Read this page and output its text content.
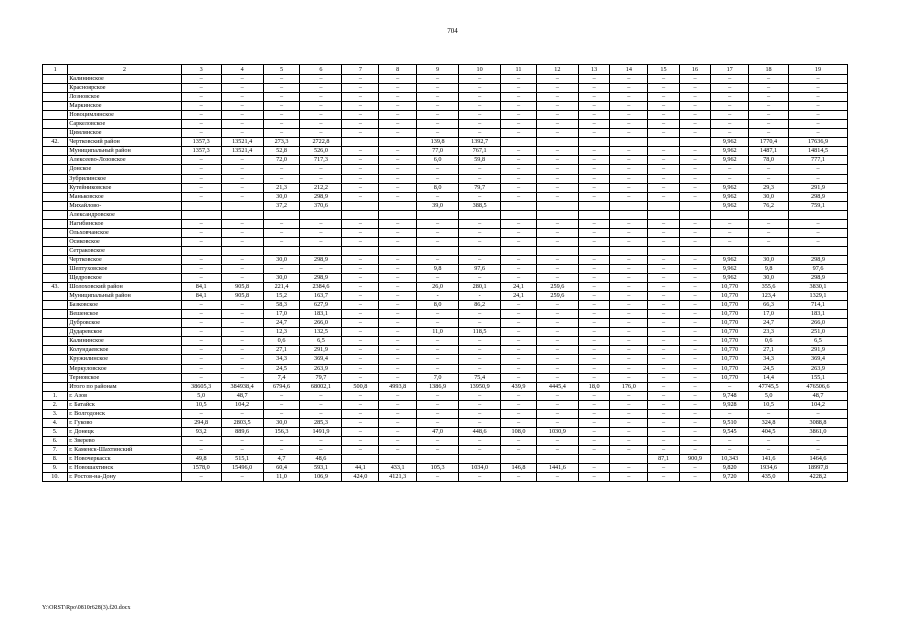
704
1	2	3	4	5	6	7	8	9	10	11	12	13	14	15	16	17	18	19
	Калининское	–	–	–	–	–	–	–	–	–	–	–	–	–	–	–	–	–
	Красноярское	–	–	–	–	–	–	–	–	–	–	–	–	–	–	–	–	–
	Лозновское	–	–	–	–	–	–	–	–	–	–	–	–	–	–	–	–	–
	Маркинское	–	–	–	–	–	–	–	–	–	–	–	–	–	–	–	–	–
	Новоцимлянское	–	–	–	–	–	–	–	–	–	–	–	–	–	–	–	–	–
	Саркеловское	–	–	–	–	–	–	–	–	–	–	–	–	–	–	–	–	–
	Цимлянское	–	–	–	–	–	–	–	–	–	–	–	–	–	–	–	–	–
42.	Чертковский район	1357,3	13521,4	273,3	2722,8			139,8	1392,7							9,962	1770,4	17636,9
	Муниципальный район	1357,3	13521,4	52,8	526,0	–	–	77,0	767,1	–	–	–	–	–	–	9,962	1487,1	14814,5
	Алексеево-Лозовское	–	–	72,0	717,3	–	–	6,0	59,8	–	–	–	–	–	–	9,962	78,0	777,1
	Донское	–	–	–	–	–	–	–	–	–	–	–	–	–	–	–	–	–
	Зубрилинское	–	–	–	–	–	–	–	–	–	–	–	–	–	–	–	–	–
	Кутейниковское	–	–	21,3	212,2	–	–	8,0	79,7	–	–	–	–	–	–	9,962	29,3	291,9
	Маньковское	–	–	30,0	298,9	–	–	–	–	–	–	–	–	–	–	9,962	30,0	298,9
	Михайлово-			37,2	370,6			39,0	388,5							9,962	76,2	759,1
	Александровское																	
	Нагибинское	–	–	–	–	–	–	–	–	–	–	–	–	–	–	–	–	–
	Ольховчанское	–	–	–	–	–	–	–	–	–	–	–	–	–	–	–	–	–
	Осиковское	–	–	–	–	–	–	–	–	–	–	–	–	–	–	–	–	–
	Сетраковское																	
	Чертковское	–	–	30,0	298,9	–	–	–	–	–	–	–	–	–	–	9,962	30,0	298,9
	Шептуховское	–	–	–	–	–	–	9,8	97,6	–	–	–	–	–	–	9,962	9,8	97,6
	Щедровское	–	–	30,0	298,9	–	–	–	–	–	–	–	–	–	–	9,962	30,0	298,9
43.	Шолоховский район	84,1	905,8	221,4	2384,6	–	–	26,0	280,1	24,1	259,6	–	–	–	–	10,770	355,6	3830,1
	Муниципальный район	84,1	905,8	15,2	163,7	–	–	-	-	24,1	259,6	–	–	–	–	10,770	123,4	1329,1
	Базковское	–	–	58,3	627,9	–	–	8,0	86,2	–	–	–	–	–	–	10,770	66,3	714,1
	Вешенское	–	–	17,0	183,1	–	–	–	–	–	–	–	–	–	–	10,770	17,0	183,1
	Дубровское	–	–	24,7	266,0	–	–	–	–	–	–	–	–	–	–	10,770	24,7	266,0
	Дударевское	–	–	12,3	132,5	–	–	11,0	118,5	–	–	–	–	–	–	10,770	23,3	251,0
	Калининское	–	–	0,6	6,5	–	–	–	–	–	–	–	–	–	–	10,770	0,6	6,5
	Колундаевское	–	–	27,1	291,9	–	–	–	–	–	–	–	–	–	–	10,770	27,1	291,9
	Кружилинское	–	–	34,3	369,4	–	–	–	–	–	–	–	–	–	–	10,770	34,3	369,4
	Меркуловское	–	–	24,5	263,9	–	–	–	–	–	–	–	–	–	–	10,770	24,5	263,9
	Терновское	–	–	7,4	79,7	–	–	7,0	75,4	–	–	–	–	–	–	10,770	14,4	155,1
	Итого по районам	38605,3	384938,4	6794,6	68002,1	500,8	4993,8	1386,9	13950,9	439,9	4445,4	18,0	176,0	–	–	–	47745,5	476506,6
1.	г. Азов	5,0	48,7	–	–	–	–	–	–	–	–	–	–	–	–	9,748	5,0	48,7
2.	г. Батайск	10,5	104,2	–	–	–	–	–	–	–	–	–	–	–	–	9,928	10,5	104,2
3.	г. Волгодонск	–	–	–	–	–	–	–	–	–	–	–	–	–	–	–	–	–
4.	г. Гуково	294,8	2803,5	30,0	285,3	–	–	–	–	–	–	–	–	–	–	9,510	324,8	3088,8
5.	г. Донецк	93,2	889,6	156,3	1491,9	–	–	47,0	448,6	108,0	1030,9	–	–	–	–	9,545	404,5	3861,0
6.	г. Зверево	–	–	–	–	–	–	–	–	–	–	–	–	–	–	–	–	–
7.	г. Каменск-Шахтинский	–	–	–	–	–	–	–	–	–	–	–	–	–	–	–	–	–
8.	г. Новочеркасск	49,8	515,1	4,7	48,6									87,1	900,9	10,343	141,6	1464,6
9.	г. Новошахтинск	1578,0	15496,0	60,4	593,1	44,1	433,1	105,3	1034,0	146,8	1441,6	–	–	–	–	9,820	1934,6	18997,8
10.	г. Ростов-на-Дону	–	–	11,0	106,9	424,0	4121,3	–	–	–	–	–	–	–	–	9,720	435,0	4228,2
Y:\ORST\Rpo\0810r628(3).f20.docx
